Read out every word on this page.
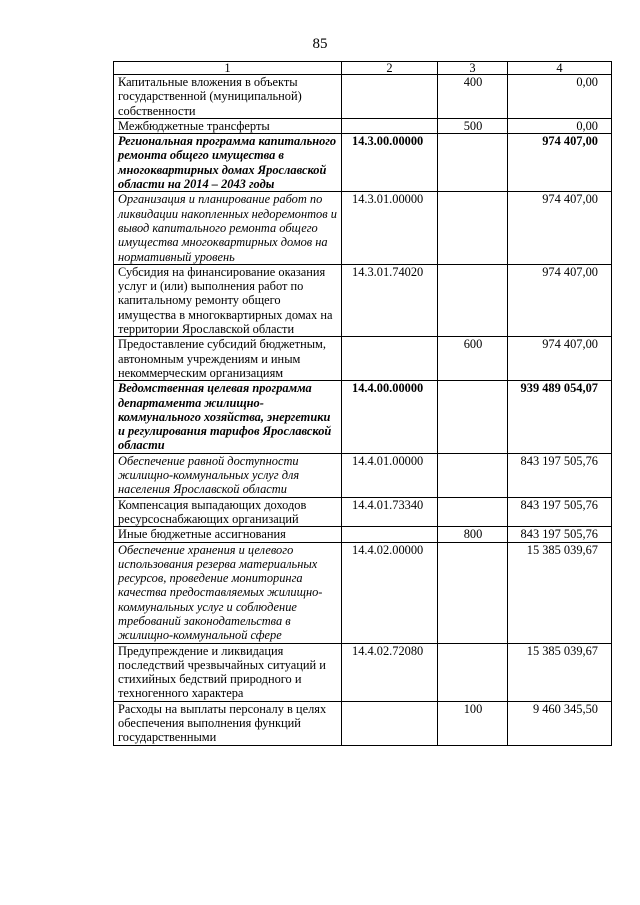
85
1	2	3	4
Капитальные вложения в объекты государственной (муниципальной) собственности		400	0,00
Межбюджетные трансферты		500	0,00
Региональная программа капитального ремонта общего имущества в многоквартирных домах Ярославской области на 2014 – 2043 годы	14.3.00.00000		974 407,00
Организация и планирование работ по ликвидации накопленных недоремонтов и вывод капитального ремонта общего имущества многоквартирных домов на нормативный уровень	14.3.01.00000		974 407,00
Субсидия на финансирование оказания услуг и (или) выполнения работ по капитальному ремонту общего имущества в многоквартирных домах на территории Ярославской области	14.3.01.74020		974 407,00
Предоставление субсидий бюджетным, автономным учреждениям и иным некоммерческим организациям		600	974 407,00
Ведомственная целевая программа департамента жилищно-коммунального хозяйства, энергетики и регулирования тарифов Ярославской области	14.4.00.00000		939 489 054,07
Обеспечение равной доступности жилищно-коммунальных услуг для населения Ярославской области	14.4.01.00000		843 197 505,76
Компенсация выпадающих доходов ресурсоснабжающих организаций	14.4.01.73340		843 197 505,76
Иные бюджетные ассигнования		800	843 197 505,76
Обеспечение хранения и целевого использования резерва материальных ресурсов, проведение мониторинга качества предоставляемых жилищно-коммунальных услуг и соблюдение требований законодательства в жилищно-коммунальной сфере	14.4.02.00000		15 385 039,67
Предупреждение и ликвидация последствий чрезвычайных ситуаций и стихийных бедствий природного и техногенного характера	14.4.02.72080		15 385 039,67
Расходы на выплаты персоналу в целях обеспечения выполнения функций государственными		100	9 460 345,50
